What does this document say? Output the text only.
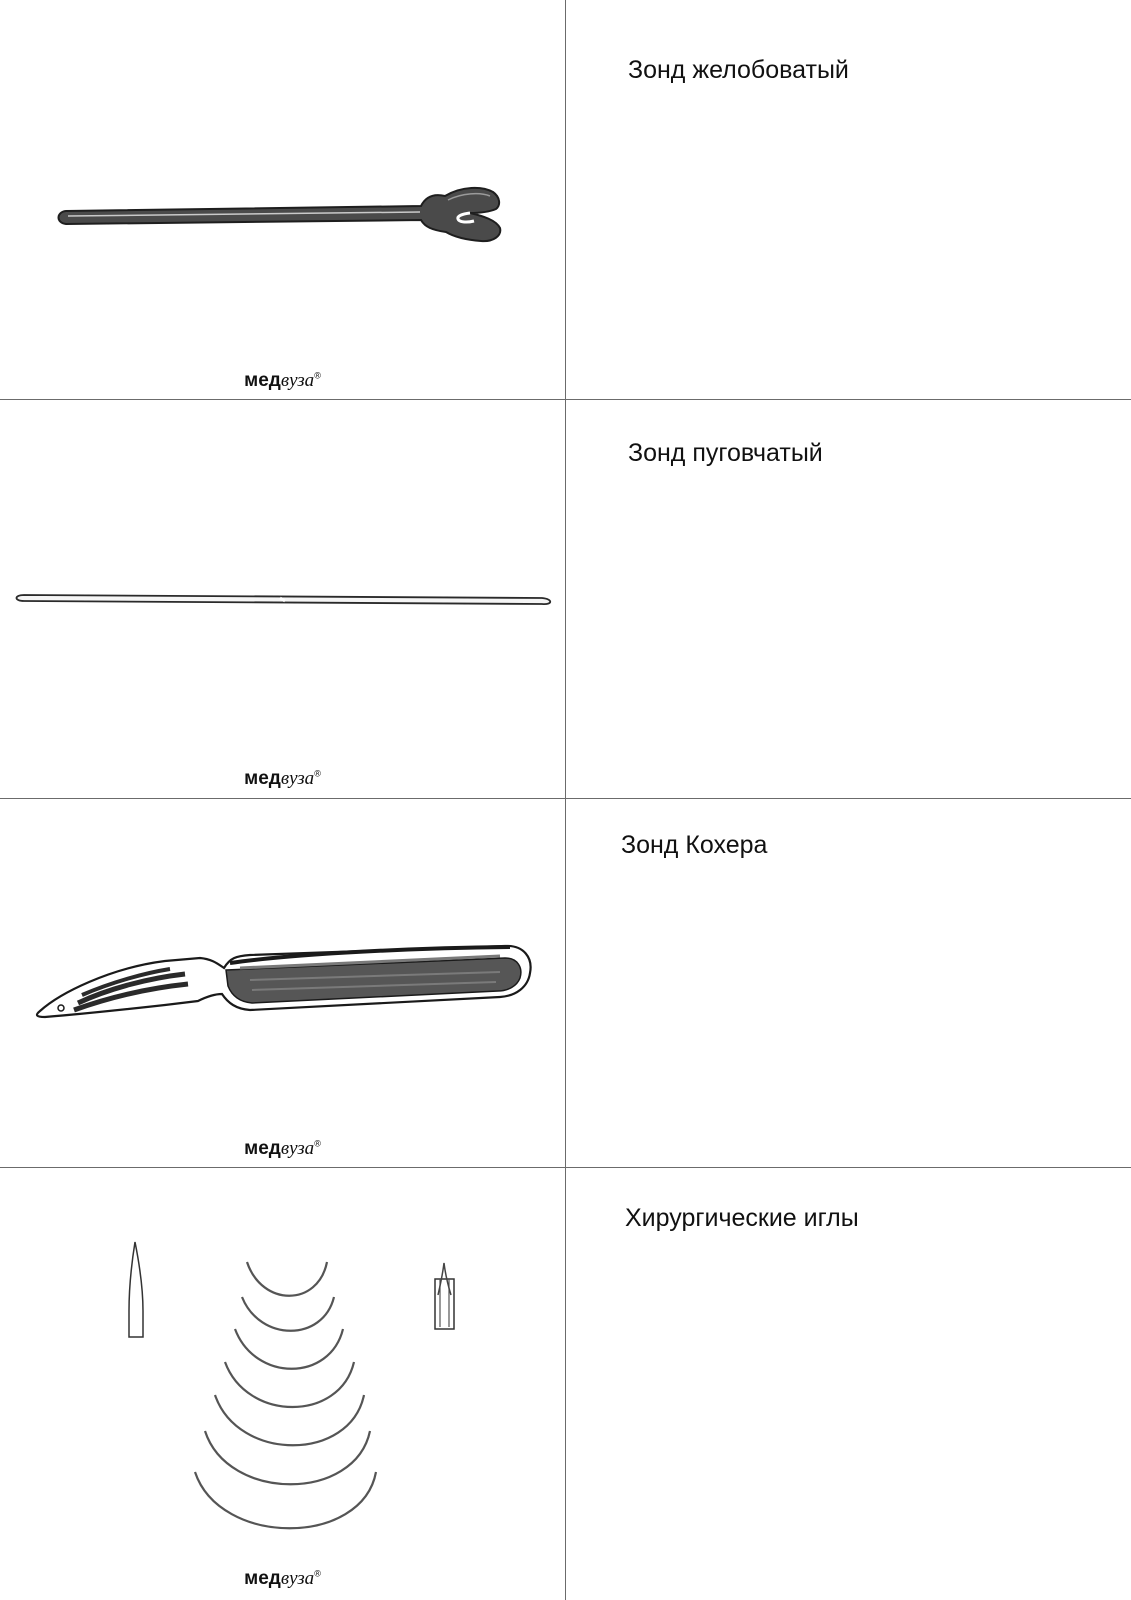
медвуза®
Зонд желобоватый
медвуза®
Зонд пуговчатый
медвуза®
Зонд Кохера
медвуза®
Хирургические иглы
